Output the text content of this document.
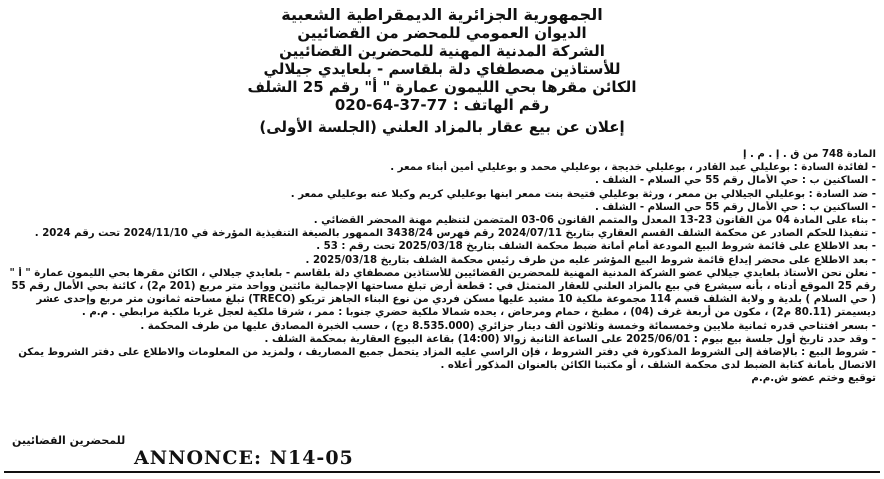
الجمهورية الجزائرية الديمقراطية الشعبية
الديوان العمومي للمحضر من القضائيين
الشركة المدنية المهنية للمحضرين القضائيين
للأستاذين مصطفاي دلة بلقاسم - بلعايدي جيلالي
الكائن مقرها بحي الليمون عمارة " أ" رقم 25 الشلف
رقم الهاتف : 020-64-37-77
إعلان عن بيع عقار بالمزاد العلني (الجلسة الأولى)

المادة 748 من ق . إ . م . إ

- لفائدة السادة : بوعليلي عبد القادر ، بوعليلي خديجة ، بوعليلي محمد و بوعليلي أمين أبناء ممعر .

- الساكنين ب : حي الأمال رقم 55 حي السلام - الشلف .

- ضد السادة : بوعليلي الجيلالي بن ممعر ، ورثة بوعليلي فتيحة بنت ممعر ابنها بوعليلي كريم وكيلا عنه بوعليلي ممعر .

- الساكنين ب : حي الأمال رقم 55 حي السلام - الشلف .

- بناء على المادة 04 من القانون 23-13 المعدل والمتمم القانون 06-03 المتضمن لتنظيم مهنة المحضر القضائي .

- تنفيذا للحكم الصادر عن محكمة الشلف القسم العقاري بتاريخ 2024/07/11 رقم فهرس 3438/24 الممهور بالصيغة التنفيذية المؤرخة في 2024/11/10 تحت رقم 2024 .

- بعد الاطلاع على قائمة شروط البيع المودعة أمام أمانة ضبط محكمة الشلف بتاريخ 2025/03/18 تحت رقم : 53 .

- بعد الاطلاع على محضر إيداع قائمة شروط البيع المؤشر عليه من طرف رئيس محكمة الشلف بتاريخ 2025/03/18 .

- نعلن نحن الأستاذ بلعايدي جيلالي عضو الشركة المدنية المهنية للمحضرين القضائيين للأستاذين مصطفاي دلة بلقاسم - بلعايدي جيلالي ، الكائن مقرها بحي الليمون عمارة " أ " رقم 25 الموقع أدناه ، بأنه سيشرع في بيع بالمزاد العلني للعقار المتمثل في : قطعة أرض تبلغ مساحتها الإجمالية مائتين وواحد متر مربع (201 م2) ، كائنة بحي الأمال رقم 55 ( حي السلام ) بلدية و ولاية الشلف قسم 114 مجموعة ملكية 10 مشيد عليها مسكن فردي من نوع البناء الجاهز تريكو (TRECO) تبلغ مساحته ثمانون متر مربع وإحدى عشر ديسيمتر (80.11 م2) ، مكون من أربعة غرف (04) ، مطبخ ، حمام ومرحاض ، يحده شمالا ملكية حضري جنوبا : ممر ، شرقا ملكية لعجل غربا ملكية مرابطي . م.م .

- بسعر افتتاحي قدره ثمانية ملايين وخمسمائة وخمسة وثلاثون ألف دينار جزائري (8.535.000 دج) ، حسب الخبرة المصادق عليها من طرف المحكمة .

- وقد حدد تاريخ أول جلسة بيع بيوم : 2025/06/01 على الساعة الثانية زوالا (14:00) بقاعة البيوع العقارية بمحكمة الشلف .

- شروط البيع : بالإضافة إلى الشروط المذكورة في دفتر الشروط ، فإن الراسي عليه المزاد يتحمل جميع المصاريف ، ولمزيد من المعلومات والاطلاع على دفتر الشروط يمكن الاتصال بأمانة كتابة الضبط لدى محكمة الشلف ، أو مكتبنا الكائن بالعنوان المذكور أعلاه .

توقيع وختم عضو ش.م.م

للمحضرين القضائيين
ANNONCE: N14-05
